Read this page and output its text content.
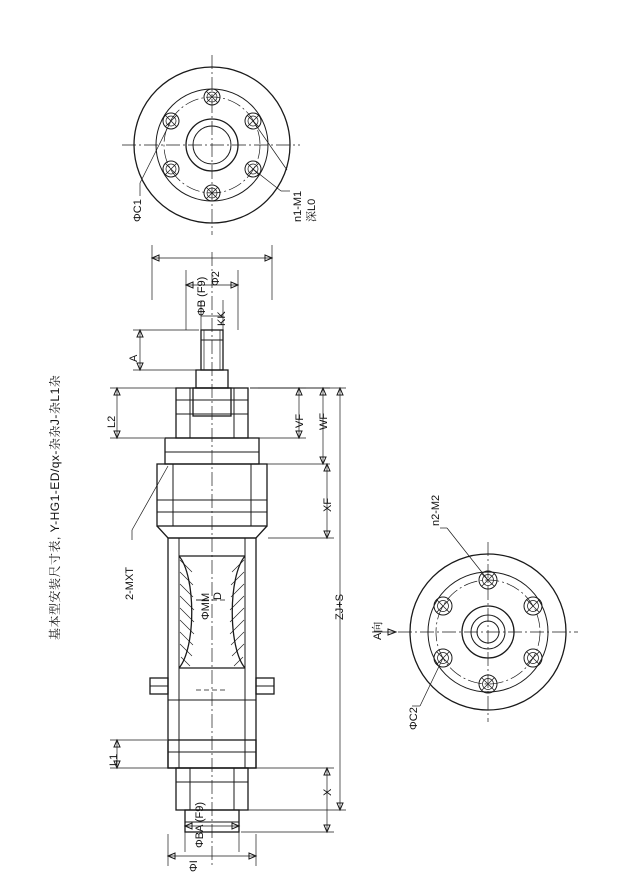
ΦC1	n1-M1 深L0
Φ2
ΦB (F9)
KK
A
L2	VF WF
XF
2-MXT
ΦMM D	ZJ+S
L1
X
ΦBA (F9)
ΦI
n2-M2
A向
ΦC2
基本型安装尺寸表, Y-HG1-ED/qx-杂杂J-杂L1杂
